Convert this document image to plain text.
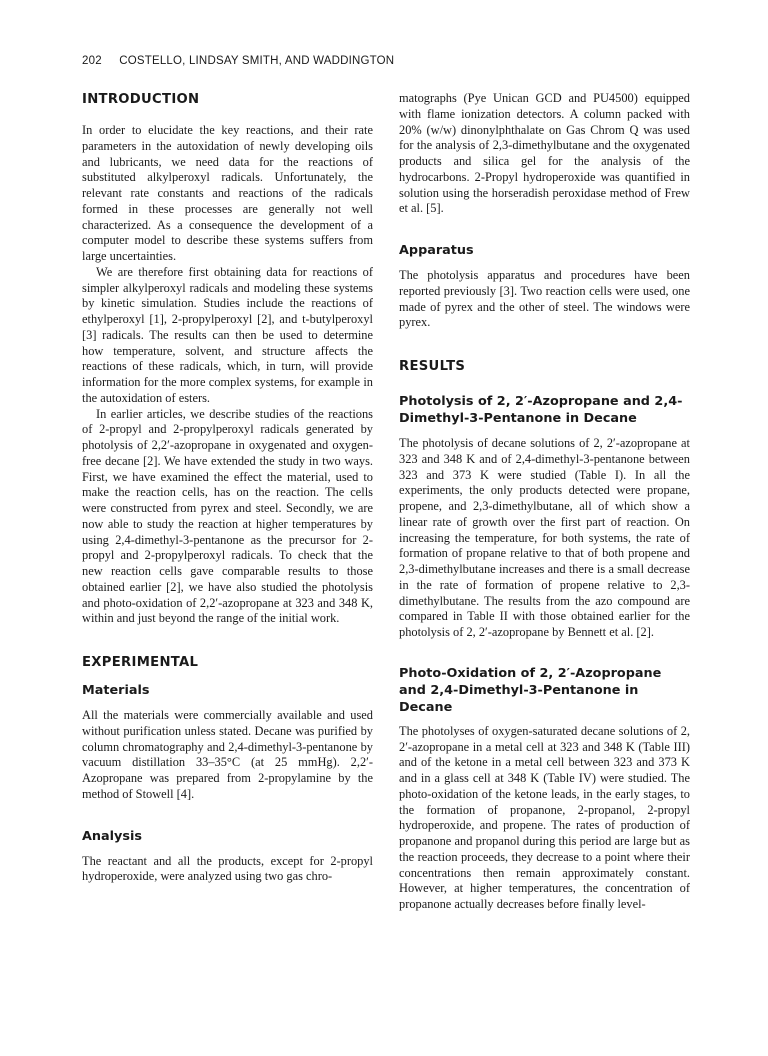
202 COSTELLO, LINDSAY SMITH, AND WADDINGTON
INTRODUCTION

In order to elucidate the key reactions, and their rate parameters in the autoxidation of newly developing oils and lubricants, we need data for the reactions of substituted alkylperoxyl radicals. Unfortunately, the relevant rate constants and reactions of the radicals formed in these processes are generally not well characterized. As a consequence the development of a computer model to describe these systems suffers from large uncertainties.

We are therefore first obtaining data for reactions of simpler alkylperoxyl radicals and modeling these systems by kinetic simulation. Studies include the reactions of ethylperoxyl [1], 2-propylperoxyl [2], and t-butylperoxyl [3] radicals. The results can then be used to determine how temperature, solvent, and structure affects the reactions of these radicals, which, in turn, will provide information for the more complex systems, for example in the autoxidation of esters.

In earlier articles, we describe studies of the reactions of 2-propyl and 2-propylperoxyl radicals generated by photolysis of 2,2′-azopropane in oxygenated and oxygen-free decane [2]. We have extended the study in two ways. First, we have examined the effect the material, used to make the reaction cells, has on the reaction. The cells were constructed from pyrex and steel. Secondly, we are now able to study the reaction at higher temperatures by using 2,4-dimethyl-3-pentanone as the precursor for 2-propyl and 2-propylperoxyl radicals. To check that the new reaction cells gave comparable results to those obtained earlier [2], we have also studied the photolysis and photo-oxidation of 2,2′-azopropane at 323 and 348 K, within and just beyond the range of the initial work.

EXPERIMENTAL
Materials

All the materials were commercially available and used without purification unless stated. Decane was purified by column chromatography and 2,4-dimethyl-3-pentanone by vacuum distillation 33–35°C (at 25 mmHg). 2,2′-Azopropane was prepared from 2-propylamine by the method of Stowell [4].

Analysis

The reactant and all the products, except for 2-propyl hydroperoxide, were analyzed using two gas chro-

matographs (Pye Unican GCD and PU4500) equipped with flame ionization detectors. A column packed with 20% (w/w) dinonylphthalate on Gas Chrom Q was used for the analysis of 2,3-dimethylbutane and the oxygenated products and silica gel for the analysis of the hydrocarbons. 2-Propyl hydroperoxide was quantified in solution using the horseradish peroxidase method of Frew et al. [5].

Apparatus

The photolysis apparatus and procedures have been reported previously [3]. Two reaction cells were used, one made of pyrex and the other of steel. The windows were pyrex.

RESULTS
Photolysis of 2, 2′-Azopropane and 2,4-Dimethyl-3-Pentanone in Decane

The photolysis of decane solutions of 2, 2′-azopropane at 323 and 348 K and of 2,4-dimethyl-3-pentanone between 323 and 373 K were studied (Table I). In all the experiments, the only products detected were propane, propene, and 2,3-dimethylbutane, all of which show a linear rate of growth over the first part of reaction. On increasing the temperature, for both systems, the rate of formation of propane relative to that of both propene and 2,3-dimethylbutane increases and there is a small decrease in the rate of formation of propene relative to 2,3-dimethylbutane. The results from the azo compound are compared in Table II with those obtained earlier for the photolysis of 2, 2′-azopropane by Bennett et al. [2].

Photo-Oxidation of 2, 2′-Azopropane and 2,4-Dimethyl-3-Pentanone in Decane

The photolyses of oxygen-saturated decane solutions of 2, 2′-azopropane in a metal cell at 323 and 348 K (Table III) and of the ketone in a metal cell between 323 and 373 K and in a glass cell at 348 K (Table IV) were studied. The photo-oxidation of the ketone leads, in the early stages, to the formation of propanone, 2-propanol, 2-propyl hydroperoxide, and propene. The rates of production of propanone and propanol during this period are large but as the reaction proceeds, they decrease to a point where their concentrations then remain approximately constant. However, at higher temperatures, the concentration of propanone actually decreases before finally level-
